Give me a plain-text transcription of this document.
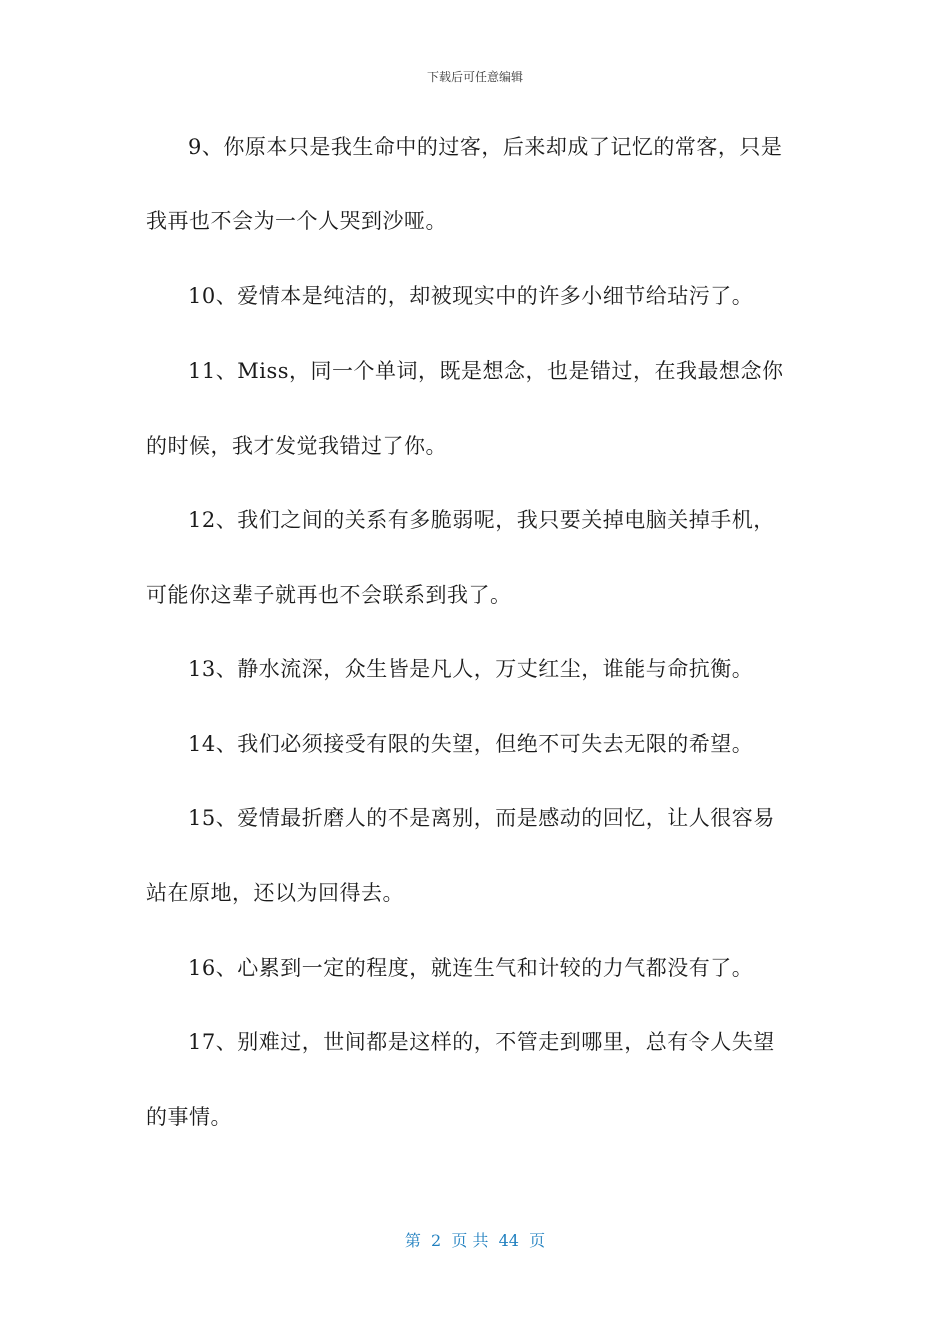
下载后可任意编辑
9、你原本只是我生命中的过客，后来却成了记忆的常客，只是
我再也不会为一个人哭到沙哑。
10、爱情本是纯洁的，却被现实中的许多小细节给玷污了。
11、Miss，同一个单词，既是想念，也是错过，在我最想念你
的时候，我才发觉我错过了你。
12、我们之间的关系有多脆弱呢，我只要关掉电脑关掉手机，
可能你这辈子就再也不会联系到我了。
13、静水流深，众生皆是凡人，万丈红尘，谁能与命抗衡。
14、我们必须接受有限的失望，但绝不可失去无限的希望。
15、爱情最折磨人的不是离别，而是感动的回忆，让人很容易
站在原地，还以为回得去。
16、心累到一定的程度，就连生气和计较的力气都没有了。
17、别难过，世间都是这样的，不管走到哪里，总有令人失望
的事情。
第  2  页 共  44  页
